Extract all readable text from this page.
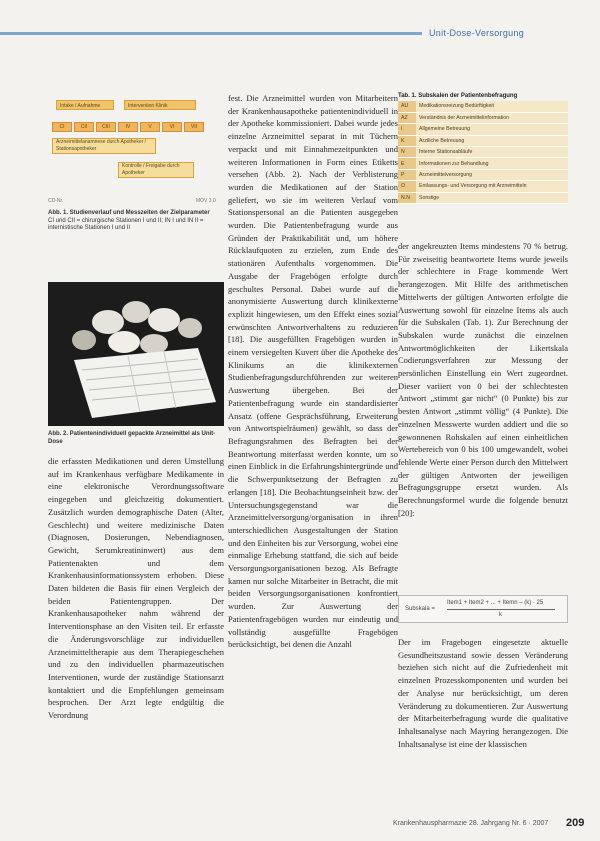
Unit-Dose-Versorgung
Intake / Aufnahme	Intervention Klinik
CI	CII	CIII	IV	V	VI	VII
Arzneimittelanamnese durch Apotheker / Stationsapotheker
Kontrolle / Freigabe durch Apotheker
CD-Nr.	MOV 3.0
Abb. 1. Studienverlauf und Messzeiten der Zielparameter
CI und CII = chirurgische Stationen I und II; IN I und IN II = internistische Stationen I und II
Abb. 2. Patientenindividuell gepackte Arzneimittel als Unit-Dose

die erfassten Medikationen und deren Umstellung auf im Krankenhaus verfügbare Medikamente in eine elektronische Verordnungssoftware eingegeben und gleichzeitig dokumentiert. Zusätzlich wurden demographische Daten (Alter, Geschlecht) und weitere medizinische Daten (Diagnosen, Dosierungen, Nebendiagnosen, Gewicht, Serumkreatininwert) aus dem Patientenakten und dem Krankenhausinformationssystem erhoben. Diese Daten bildeten die Basis für einen Vergleich der beiden Patientengruppen. Der Krankenhausapotheker nahm während der Interventionsphase an den Visiten teil. Er erfasste die Änderungsvorschläge zur individuellen Arzneimitteltherapie aus dem Therapiegeschehen und zu den individuellen pharmazeutischen Interventionen, wurde der zuständige Stationsarzt kontaktiert und die Empfehlungen gemeinsam besprochen. Der Arzt legte endgültig die Verordnung

fest. Die Arzneimittel wurden von Mitarbeitern der Krankenhausapotheke patientenindividuell in der Apotheke kommissioniert. Dabei wurde jedes einzelne Arzneimittel separat in mit Tüchern verpackt und mit Einnahmezeitpunkten und weiteren Informationen in Form eines Etiketts versehen (Abb. 2). Nach der Verblisterung wurden die Medikationen auf der Station geliefert, wo sie im weiteren Verlauf vom Stationspersonal an die Patienten ausgegeben wurden. Die Patientenbefragung wurde aus Gründen der Praktikabilität und, um höhere Rücklaufquoten zu erzielen, zum Ende des stationären Aufenthalts vorgenommen. Die Ausgabe der Fragebögen erfolgte durch geschultes Personal. Dabei wurde auf die anonymisierte Auswertung durch klinikexterne explizit hingewiesen, um den Effekt eines sozial erwünschten Antwortverhaltens zu reduzieren [18]. Die ausgefüllten Fragebögen wurden in einem versiegelten Kuvert über die Apotheke des Klinikums an die klinikexternen Studienbefragungsdurchführenden zur weiteren Auswertung übergeben. Bei der Patientenbefragung wurde ein standardisierter Ansatz (offene Gesprächsführung, Erweiterung von Antwortspielräumen) gewählt, so dass der Befragungsrahmen des Befragten bei der Beantwortung miterfasst werden konnte, um so einen Einblick in die Erfahrungshintergründe und die Schwerpunktsetzung der Befragten zu erlangen [18]. Die Beobachtungseinheit bzw. der Untersuchungsgegenstand war die Arzneimittelversorgung/organisation in ihren unterschiedlichen Ausgestaltungen der Station und den Einheiten bis zur Versorgung, wobei eine einmalige Erhebung stattfand, die sich auf beide Versorgungsorganisationen bezog. Als Befragte kamen nur solche Mitarbeiter in Betracht, die mit beiden Versorgungsorganisationen konfrontiert wurden. Zur Auswertung der Patientenfragebögen wurden nur eindeutig und vollständig ausgefüllte Fragebögen berücksichtigt, bei denen die Anzahl

Tab. 1. Subskalen der Patientenbefragung
AU	Medikationsreizung Bedürftigkeit
AZ	Verständnis der Arzneimittelinformation
I	Allgemeine Betreuung
K	Arztliche Betreuung
N	Interne Stationsabläufe
E	Informationen zur Behandlung
P	Arzneimittelversorgung
O	Entlassungs- und Versorgung mit Arzneimitteln
N.N	Sonstige

der angekreuzten Items mindestens 70 % betrug. Für zweiseitig beantwortete Items wurde jeweils der schlechtere in Frage kommende Wert herangezogen. Mit Hilfe des arithmetischen Mittelwerts der gültigen Antworten erfolgte die Auswertung sowohl für einzelne Items als auch für die Subskalen (Tab. 1). Zur Berechnung der Subskalen wurde zunächst die einzelnen Antwortmöglichkeiten der Likertskala Codierungsverfahren zur Messung der persönlichen Einstellung ein Wert zugeordnet. Dieser variiert von 0 bei der schlechtesten Antwort „stimmt gar nicht“ (0 Punkte) bis zur besten Antwort „stimmt völlig“ (4 Punkte). Die einzelnen Messwerte wurden addiert und die so gewonnenen Rohskalen auf einen einheitlichen Wertebereich von 0 bis 100 umgewandelt, wobei fehlende Werte einer Person durch den Mittelwert der gültigen Antworten der jeweiligen Befragungsgruppe ersetzt wurden. Als Berechnungsformel wurde die folgende benutzt [20]:

Subskala =
Item1 + Item2 + ... + Itemn – (k) · 25
k

Der im Fragebogen eingesetzte aktuelle Gesundheitszustand sowie dessen Veränderung beziehen sich nicht auf die Zufriedenheit mit einzelnen Prozesskomponenten und wurden bei der Analyse nur berücksichtigt, um deren Veränderung zu dokumentieren. Zur Auswertung der Mitarbeiterbefragung wurde die qualitative Inhaltsanalyse nach Mayring herangezogen. Die Inhaltsanalyse ist eine der klassischen

Krankenhauspharmazie 28. Jahrgang Nr. 6 · 2007 209
